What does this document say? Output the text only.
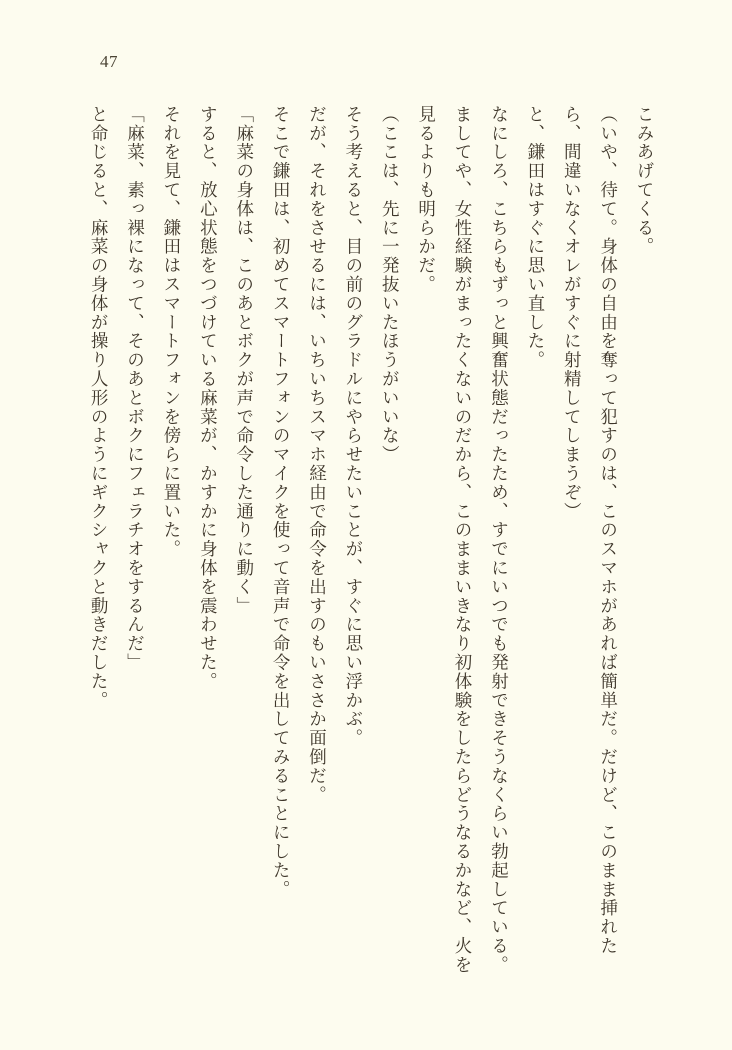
47

こみあげてくる。

（いや、待て。身体の自由を奪って犯すのは、このスマホがあれば簡単だ。だけど、このまま挿れたら、間違いなくオレがすぐに射精してしまうぞ）

と、鎌田はすぐに思い直した。

なにしろ、こちらもずっと興奮状態だったため、すでにいつでも発射できそうなくらい勃起している。ましてや、女性経験がまったくないのだから、このままいきなり初体験をしたらどうなるかなど、火を見るよりも明らかだ。

（ここは、先に一発抜いたほうがいいな）

そう考えると、目の前のグラドルにやらせたいことが、すぐに思い浮かぶ。

だが、それをさせるには、いちいちスマホ経由で命令を出すのもいささか面倒だ。

そこで鎌田は、初めてスマートフォンのマイクを使って音声で命令を出してみることにした。

「麻菜の身体は、このあとボクが声で命令した通りに動く」

すると、放心状態をつづけている麻菜が、かすかに身体を震わせた。

それを見て、鎌田はスマートフォンを傍らに置いた。

「麻菜、素っ裸になって、そのあとボクにフェラチオをするんだ」

と命じると、麻菜の身体が操り人形のようにギクシャクと動きだした。
